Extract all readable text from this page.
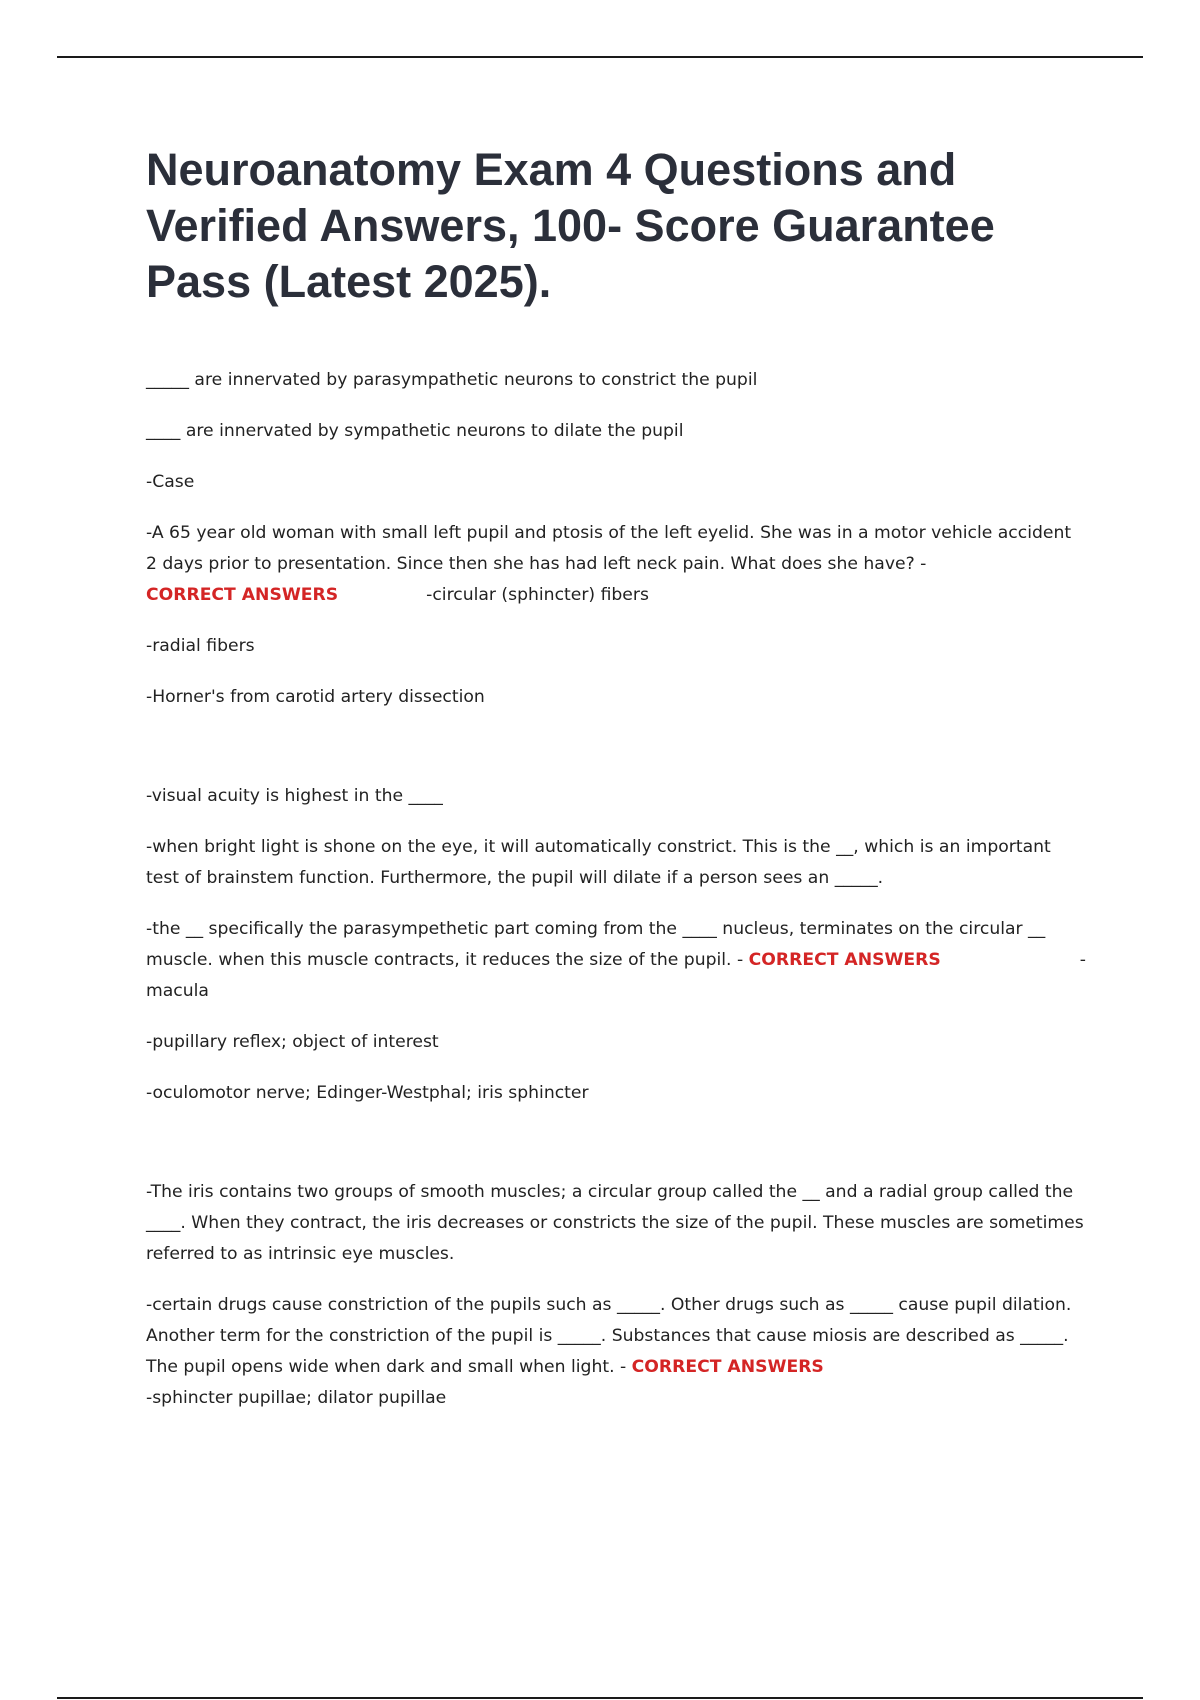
Neuroanatomy Exam 4 Questions and Verified Answers, 100- Score Guarantee Pass (Latest 2025).

_____ are innervated by parasympathetic neurons to constrict the pupil

____ are innervated by sympathetic neurons to dilate the pupil

-Case

-A 65 year old woman with small left pupil and ptosis of the left eyelid. She was in a motor vehicle accident 2 days prior to presentation. Since then she has had left neck pain. What does she have? -
CORRECT ANSWERS	-circular (sphincter) fibers

-radial fibers

-Horner's from carotid artery dissection

-visual acuity is highest in the ____

-when bright light is shone on the eye, it will automatically constrict. This is the __, which is an important test of brainstem function. Furthermore, the pupil will dilate if a person sees an _____.

-the __ specifically the parasympethetic part coming from the ____ nucleus, terminates on the circular __ muscle. when this muscle contracts, it reduces the size of the pupil. - CORRECT ANSWERS	-

macula

-pupillary reflex; object of interest

-oculomotor nerve; Edinger-Westphal; iris sphincter

-The iris contains two groups of smooth muscles; a circular group called the __ and a radial group called the ____. When they contract, the iris decreases or constricts the size of the pupil. These muscles are sometimes referred to as intrinsic eye muscles.

-certain drugs cause constriction of the pupils such as _____. Other drugs such as _____ cause pupil dilation. Another term for the constriction of the pupil is _____. Substances that cause miosis are described as _____. The pupil opens wide when dark and small when light. - CORRECT ANSWERS
-sphincter pupillae; dilator pupillae
